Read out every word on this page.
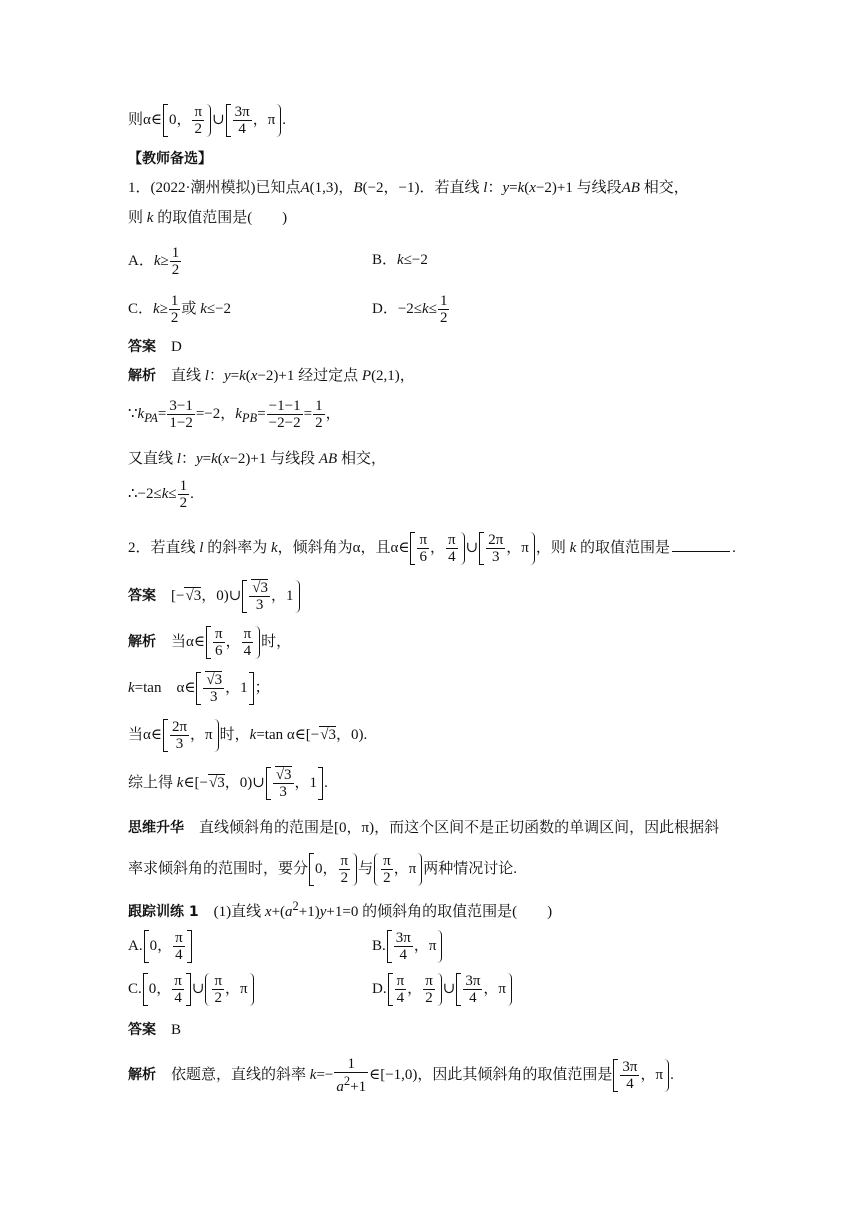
则α∈ 0， $\frac{\pi}{2}$ ∪ $\frac{3\pi}{4}$ ，π .
【教师备选】
1．(2022·潮州模拟)已知点A(1,3)，B(−2，−1)．若直线 l：y=k(x−2)+1 与线段AB 相交，
则 k 的取值范围是(　　)
A．$k\ge \frac{1}{2}$	B．k≤−2
C．$k\ge \frac{1}{2}$ 或 k≤−2	D．$-2\le k\le \frac{1}{2}$
答案　 D
解析　 直线 l：y=k(x−2)+1 经过定点 P(2,1)，
$\because k_{PA}= \frac{3-1}{1-2} =-2$，$k_{PB}= \frac{-1-1}{-2-2} = \frac{1}{2}$ ，
又直线 l：y=k(x−2)+1 与线段 AB 相交，
∴−2≤k≤ $\frac{1}{2}$ .
2．若直线 l 的斜率为 k，倾斜角为α，且α∈ $\frac{\pi}{6}$ ， $\frac{\pi}{4}$ ∪ $\frac{2\pi}{3}$ ，π ，则 k 的取值范围是	.
答案　[− √ 3，0)∪ √ $\frac{3}{3}$ ，1
解析　 当α∈ $\frac{\pi}{6}$ ， $\frac{\pi}{4}$ 时，
k=tan　α∈ √ $\frac{3}{3}$ ，1 ；
当α∈ $\frac{2\pi}{3}$ ，π 时，k=tan α∈[− √ 3，0).
综上得 k∈[− √ 3，0)∪ √ $\frac{3}{3}$ ，1 .
思维升华　 直线倾斜角的范围是[0，π)，而这个区间不是正切函数的单调区间，因此根据斜
率求倾斜角的范围时，要分 0， $\frac{\pi}{2}$ 与 $\frac{\pi}{2}$ ，π 两种情况讨论.
跟踪训练 1　 (1)直线 $x+(a^2+1)y+1=0$ 的倾斜角的取值范围是(　　)
A. 0， $\frac{\pi}{4}$	B. $\frac{3\pi}{4}$ ，π
C. 0， $\frac{\pi}{4}$ ∪ $\frac{\pi}{2}$ ，π	D. $\frac{\pi}{4}$ ， $\frac{\pi}{2}$ ∪ $\frac{3\pi}{4}$ ，π
答案　 B
解析　 依题意，直线的斜率 $k=- \frac{1}{a^2+1}$ ∈[−1,0)，因此其倾斜角的取值范围是 $\frac{3\pi}{4}$ ，π .
